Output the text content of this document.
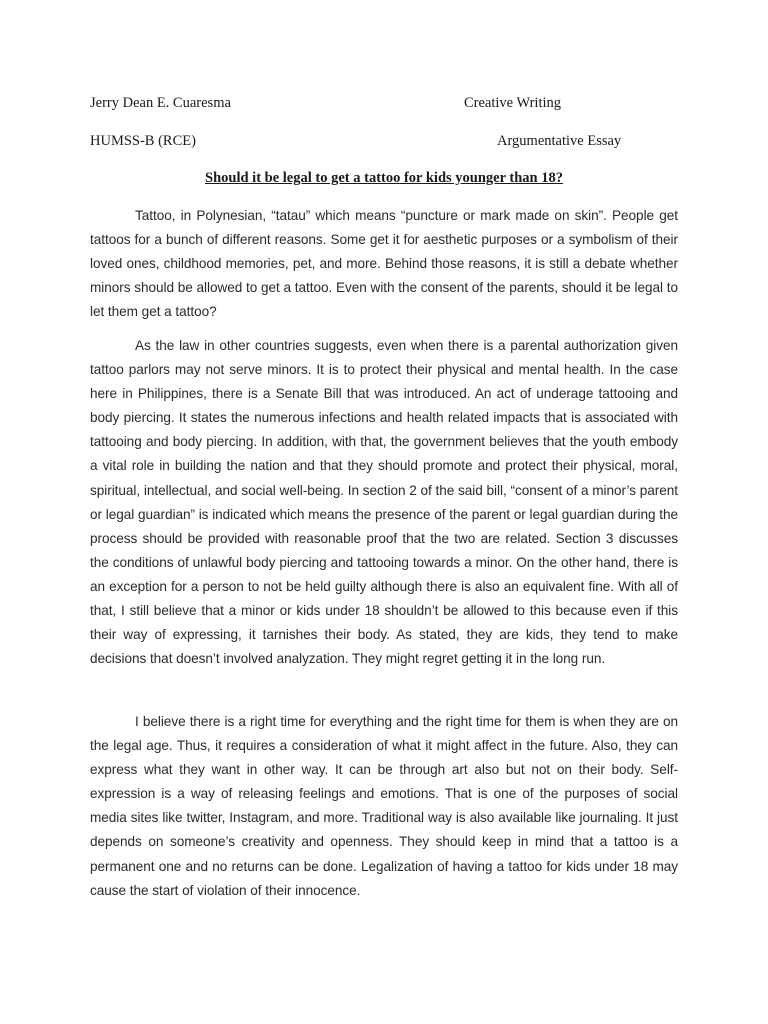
Jerry Dean E. Cuaresma	Creative Writing
HUMSS-B (RCE)	Argumentative Essay
Should it be legal to get a tattoo for kids younger than 18?

Tattoo, in Polynesian, “tatau” which means “puncture or mark made on skin”. People get tattoos for a bunch of different reasons. Some get it for aesthetic purposes or a symbolism of their loved ones, childhood memories, pet, and more. Behind those reasons, it is still a debate whether minors should be allowed to get a tattoo. Even with the consent of the parents, should it be legal to let them get a tattoo?

As the law in other countries suggests, even when there is a parental authorization given tattoo parlors may not serve minors. It is to protect their physical and mental health. In the case here in Philippines, there is a Senate Bill that was introduced. An act of underage tattooing and body piercing. It states the numerous infections and health related impacts that is associated with tattooing and body piercing. In addition, with that, the government believes that the youth embody a vital role in building the nation and that they should promote and protect their physical, moral, spiritual, intellectual, and social well-being. In section 2 of the said bill, “consent of a minor’s parent or legal guardian” is indicated which means the presence of the parent or legal guardian during the process should be provided with reasonable proof that the two are related. Section 3 discusses the conditions of unlawful body piercing and tattooing towards a minor. On the other hand, there is an exception for a person to not be held guilty although there is also an equivalent fine. With all of that, I still believe that a minor or kids under 18 shouldn’t be allowed to this because even if this their way of expressing, it tarnishes their body. As stated, they are kids, they tend to make decisions that doesn’t involved analyzation. They might regret getting it in the long run.

I believe there is a right time for everything and the right time for them is when they are on the legal age. Thus, it requires a consideration of what it might affect in the future. Also, they can express what they want in other way. It can be through art also but not on their body. Self-expression is a way of releasing feelings and emotions. That is one of the purposes of social media sites like twitter, Instagram, and more. Traditional way is also available like journaling. It just depends on someone’s creativity and openness. They should keep in mind that a tattoo is a permanent one and no returns can be done. Legalization of having a tattoo for kids under 18 may cause the start of violation of their innocence.
